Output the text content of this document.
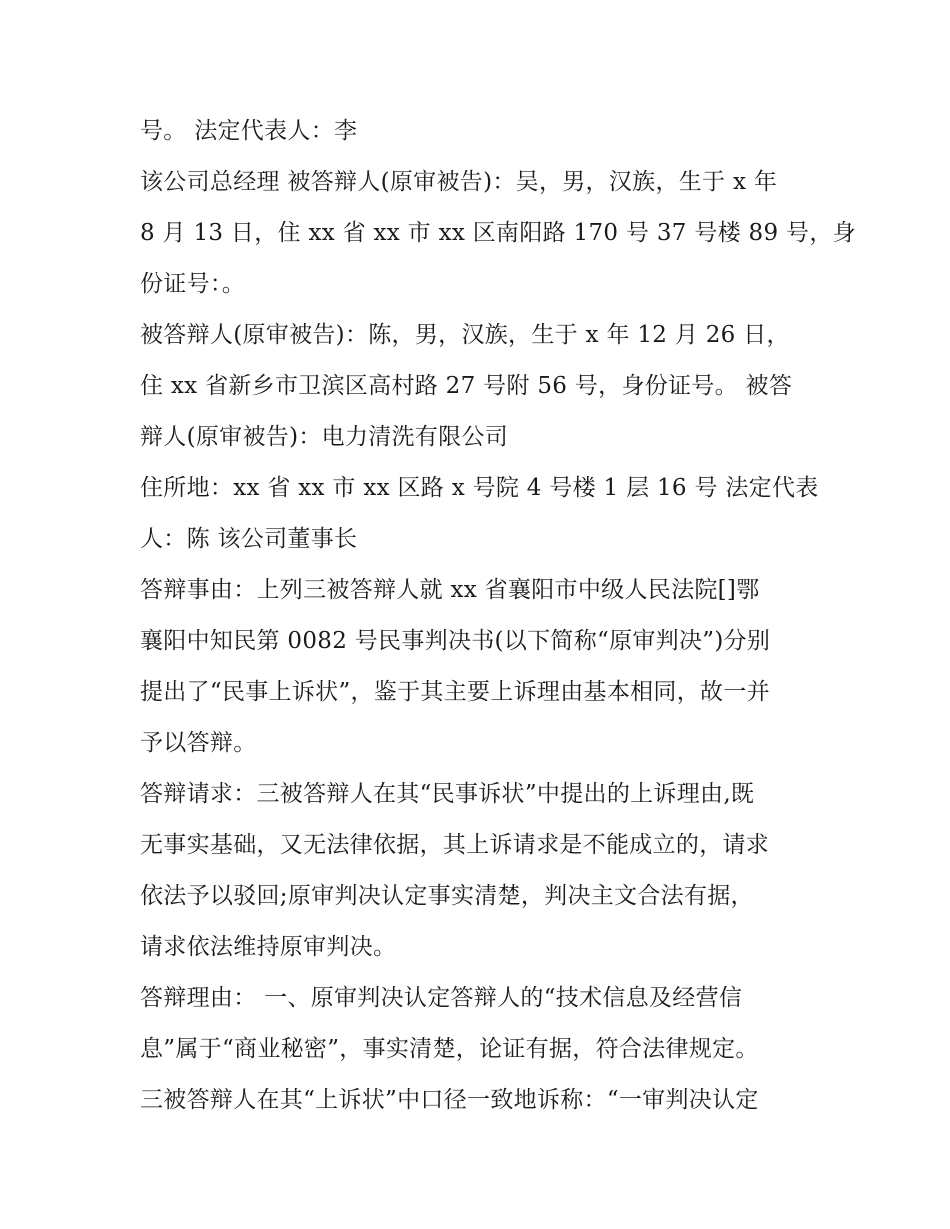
号。 法定代表人：李
该公司总经理 被答辩人(原审被告)：吴，男，汉族，生于 x 年
8 月 13 日，住 xx 省 xx 市 xx 区南阳路 170 号 37 号楼 89 号，身
份证号：。
被答辩人(原审被告)：陈，男，汉族，生于 x 年 12 月 26 日，
住 xx 省新乡市卫滨区高村路 27 号附 56 号，身份证号。 被答
辩人(原审被告)：电力清洗有限公司
住所地：xx 省 xx 市 xx 区路 x 号院 4 号楼 1 层 16 号 法定代表
人：陈 该公司董事长
答辩事由：上列三被答辩人就 xx 省襄阳市中级人民法院[]鄂
襄阳中知民第 0082 号民事判决书(以下简称“原审判决”)分别
提出了“民事上诉状”，鉴于其主要上诉理由基本相同，故一并
予以答辩。
答辩请求：三被答辩人在其“民事诉状”中提出的上诉理由,既
无事实基础，又无法律依据，其上诉请求是不能成立的，请求
依法予以驳回;原审判决认定事实清楚，判决主文合法有据，
请求依法维持原审判决。
答辩理由： 一、原审判决认定答辩人的“技术信息及经营信
息”属于“商业秘密”，事实清楚，论证有据，符合法律规定。
三被答辩人在其“上诉状”中口径一致地诉称：“一审判决认定
